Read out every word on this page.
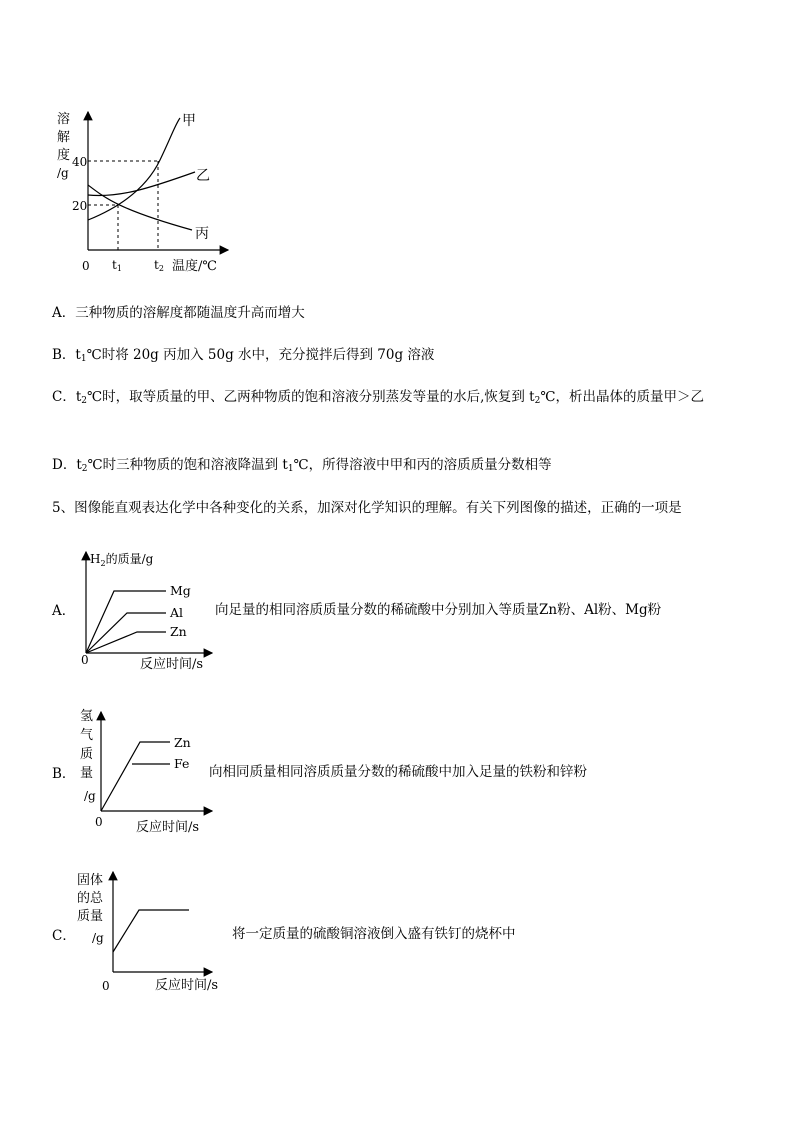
溶
解
度
/g
40
20
0 t1	t2 温度/℃
甲
乙
丙
A．三种物质的溶解度都随温度升高而增大
B．$t_1℃$时将 20g 丙加入 50g 水中，充分搅拌后得到 70g 溶液
C．$t_2℃$时，取等质量的甲、乙两种物质的饱和溶液分别蒸发等量的水后,恢复到 $t_2℃$，析出晶体的质量甲＞乙
D．$t_2℃$时三种物质的饱和溶液降温到 $t_1℃$，所得溶液中甲和丙的溶质质量分数相等
5、图像能直观表达化学中各种变化的关系，加深对化学知识的理解。有关下列图像的描述，正确的一项是
$H_2$的质量/g
Mg
Al
Zn
0	反应时间/s
A．	向足量的相同溶质质量分数的稀硫酸中分别加入等质量Zn粉、Al粉、Mg粉
氢
气
质
量
/g
Zn
Fe
0	反应时间/s
B．	向相同质量相同溶质质量分数的稀硫酸中加入足量的铁粉和锌粉
固体
的总
质量
/g
0	反应时间/s
C．	将一定质量的硫酸铜溶液倒入盛有铁钉的烧杯中
